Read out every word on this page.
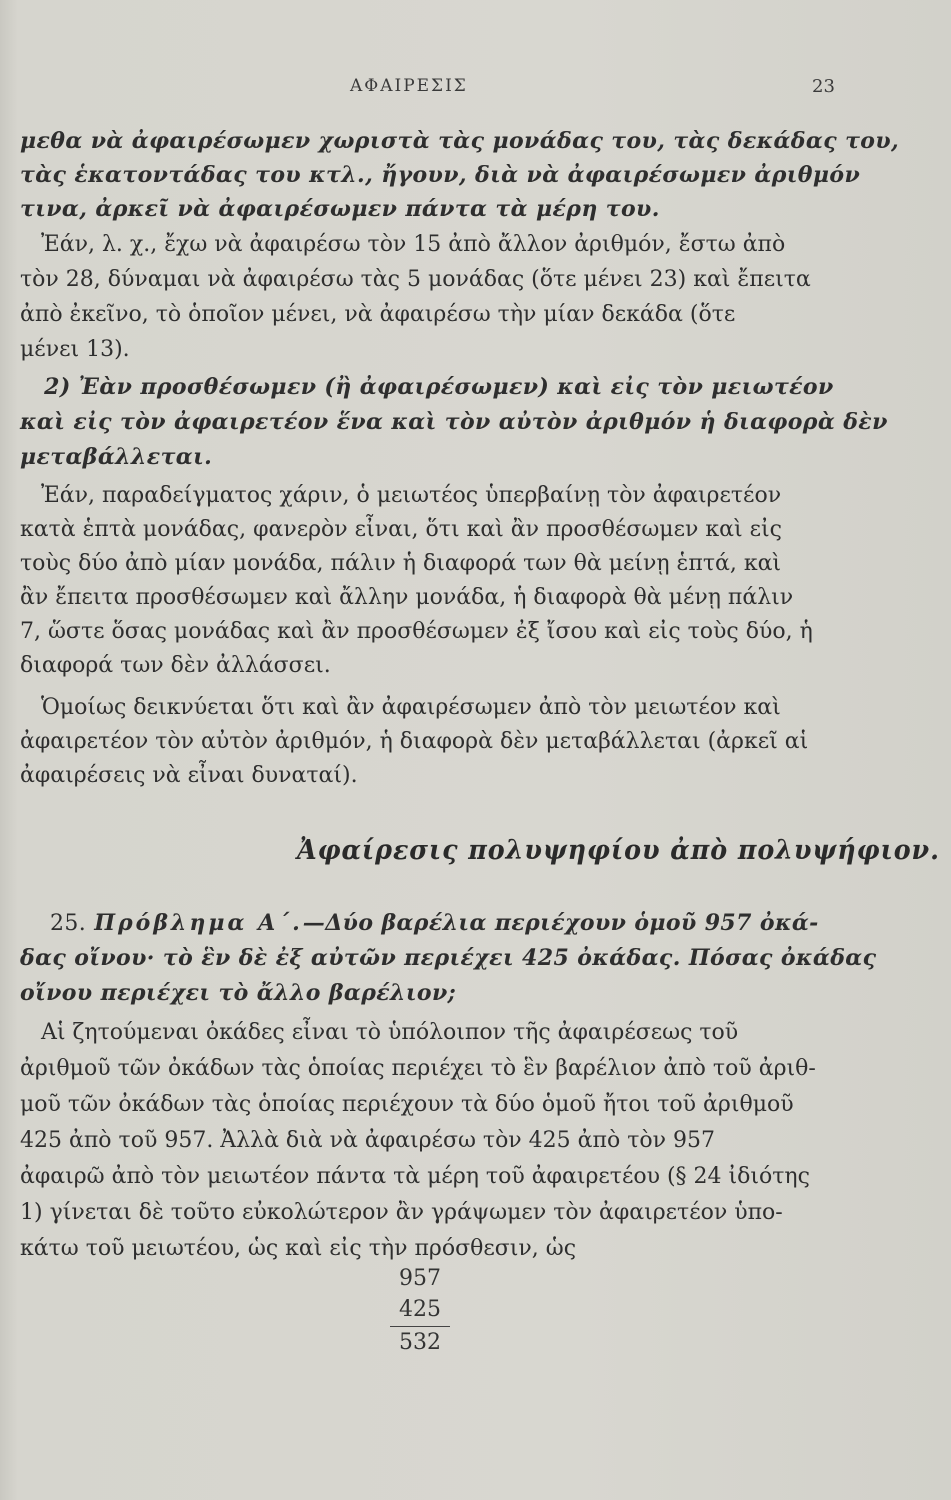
ΑΦΑΙΡΕΣΙΣ	23
μεθα νὰ ἀφαιρέσωμεν χωριστὰ τὰς μονάδας του, τὰς δεκάδας του,
τὰς ἑκατοντάδας του κτλ., ἤγουν, διὰ νὰ ἀφαιρέσωμεν ἀριθμόν
τινα, ἀρκεῖ νὰ ἀφαιρέσωμεν πάντα τὰ μέρη του.
Ἐάν, λ. χ., ἔχω νὰ ἀφαιρέσω τὸν 15 ἀπὸ ἄλλον ἀριθμόν, ἔστω ἀπὸ
τὸν 28, δύναμαι νὰ ἀφαιρέσω τὰς 5 μονάδας (ὅτε μένει 23) καὶ ἔπειτα
ἀπὸ ἐκεῖνο, τὸ ὁποῖον μένει, νὰ ἀφαιρέσω τὴν μίαν δεκάδα (ὅτε
μένει 13).
2) Ἐὰν προσθέσωμεν (ἢ ἀφαιρέσωμεν) καὶ εἰς τὸν μειωτέον
καὶ εἰς τὸν ἀφαιρετέον ἕνα καὶ τὸν αὐτὸν ἀριθμόν ἡ διαφορὰ δὲν
μεταβάλλεται.
Ἐάν, παραδείγματος χάριν, ὁ μειωτέος ὑπερβαίνῃ τὸν ἀφαιρετέον
κατὰ ἑπτὰ μονάδας, φανερὸν εἶναι, ὅτι καὶ ἂν προσθέσωμεν καὶ εἰς
τοὺς δύο ἀπὸ μίαν μονάδα, πάλιν ἡ διαφορά των θὰ μείνῃ ἑπτά, καὶ
ἂν ἔπειτα προσθέσωμεν καὶ ἄλλην μονάδα, ἡ διαφορὰ θὰ μένῃ πάλιν
7, ὥστε ὅσας μονάδας καὶ ἂν προσθέσωμεν ἐξ ἴσου καὶ εἰς τοὺς δύο, ἡ
διαφορά των δὲν ἀλλάσσει.
Ὁμοίως δεικνύεται ὅτι καὶ ἂν ἀφαιρέσωμεν ἀπὸ τὸν μειωτέον καὶ
ἀφαιρετέον τὸν αὐτὸν ἀριθμόν, ἡ διαφορὰ δὲν μεταβάλλεται (ἀρκεῖ αἱ
ἀφαιρέσεις νὰ εἶναι δυναταί).
Ἀφαίρεσις πολυψηφίου ἀπὸ πολυψήφιον.
25. Πρόβλημα Α΄.—Δύο βαρέλια περιέχουν ὁμοῦ 957 ὀκά-
δας οἴνου· τὸ ἓν δὲ ἐξ αὐτῶν περιέχει 425 ὀκάδας. Πόσας ὀκάδας
οἴνου περιέχει τὸ ἄλλο βαρέλιον;
Αἱ ζητούμεναι ὀκάδες εἶναι τὸ ὑπόλοιπον τῆς ἀφαιρέσεως τοῦ
ἀριθμοῦ τῶν ὀκάδων τὰς ὁποίας περιέχει τὸ ἓν βαρέλιον ἀπὸ τοῦ ἀριθ-
μοῦ τῶν ὀκάδων τὰς ὁποίας περιέχουν τὰ δύο ὁμοῦ ἤτοι τοῦ ἀριθμοῦ
425 ἀπὸ τοῦ 957. Ἀλλὰ διὰ νὰ ἀφαιρέσω τὸν 425 ἀπὸ τὸν 957
ἀφαιρῶ ἀπὸ τὸν μειωτέον πάντα τὰ μέρη τοῦ ἀφαιρετέου (§ 24 ἰδιότης
1) γίνεται δὲ τοῦτο εὐκολώτερον ἂν γράψωμεν τὸν ἀφαιρετέον ὑπο-
κάτω τοῦ μειωτέου, ὡς καὶ εἰς τὴν πρόσθεσιν, ὡς
957
425
532
